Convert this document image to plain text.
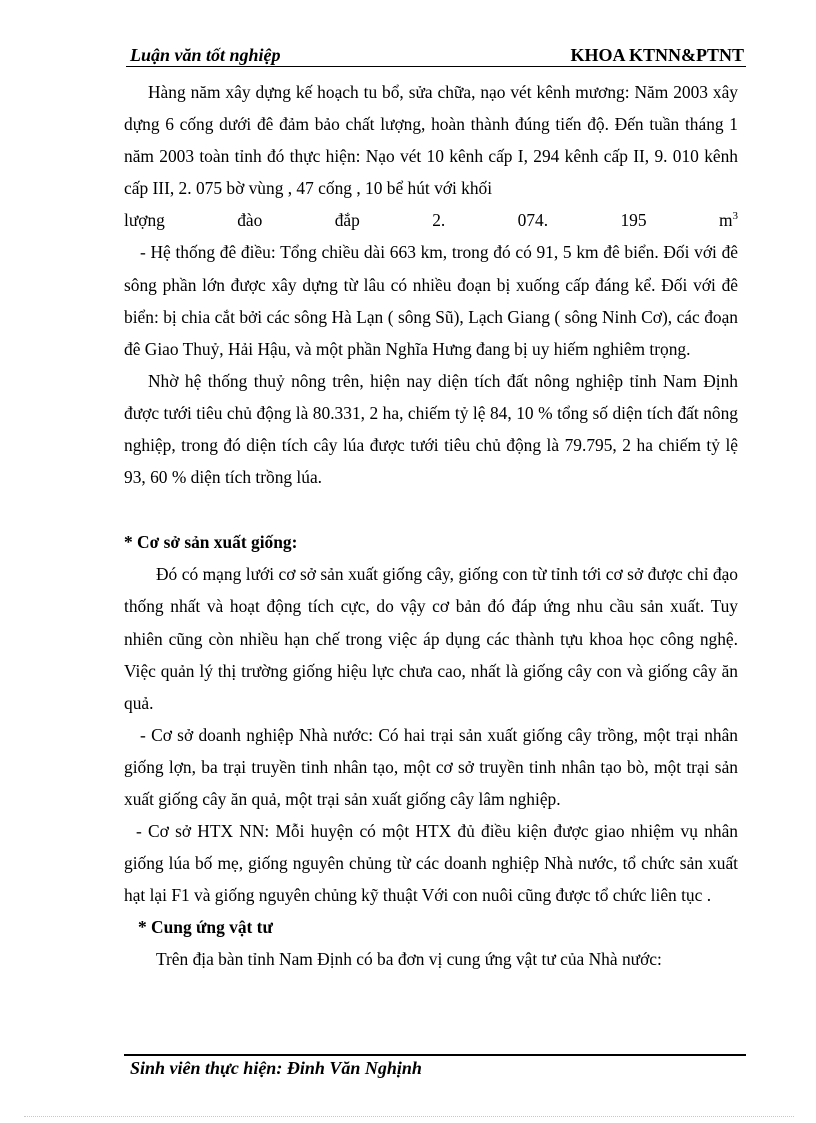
Luận văn tốt nghiệp	KHOA KTNN&PTNT

Hàng năm xây dựng kế hoạch tu bổ, sửa chữa, nạo vét kênh mương: Năm 2003 xây dựng 6 cống dưới đê đảm bảo chất lượng, hoàn thành đúng tiến độ. Đến tuần tháng 1 năm 2003 toàn tỉnh đó thực hiện: Nạo vét 10 kênh cấp I, 294 kênh cấp II, 9. 010 kênh cấp III, 2. 075 bờ vùng , 47 cống , 10 bể hút với khối

lượng	đào	đắp	2.	074.	195	$m^3$

- Hệ thống đê điều: Tổng chiều dài 663 km, trong đó có 91, 5 km đê biển. Đối với đê sông phần lớn được xây dựng từ lâu có nhiều đoạn bị xuống cấp đáng kể. Đối với đê biển: bị chia cắt bởi các sông Hà Lạn ( sông Sũ), Lạch Giang ( sông Ninh Cơ), các đoạn đê Giao Thuỷ, Hải Hậu, và một phần Nghĩa Hưng đang bị uy hiếm nghiêm trọng.

Nhờ hệ thống thuỷ nông trên, hiện nay diện tích đất nông nghiệp tỉnh Nam Định được tưới tiêu chủ động là 80.331, 2 ha, chiếm tỷ lệ 84, 10 % tổng số diện tích đất nông nghiệp, trong đó diện tích cây lúa được tưới tiêu chủ động là 79.795, 2 ha chiếm tỷ lệ 93, 60 % diện tích trồng lúa.

* Cơ sở sản xuất giống:

Đó có mạng lưới cơ sở sản xuất giống cây, giống con từ tỉnh tới cơ sở được chỉ đạo thống nhất và hoạt động tích cực, do vậy cơ bản đó đáp ứng nhu cầu sản xuất. Tuy nhiên cũng còn nhiều hạn chế trong việc áp dụng các thành tựu khoa học công nghệ. Việc quản lý thị trường giống hiệu lực chưa cao, nhất là giống cây con và giống cây ăn quả.

- Cơ sở doanh nghiệp Nhà nước: Có hai trại sản xuất giống cây trồng, một trại nhân giống lợn, ba trại truyền tinh nhân tạo, một cơ sở truyền tinh nhân tạo bò, một trại sản xuất giống cây ăn quả, một trại sản xuất giống cây lâm nghiệp.

- Cơ sở HTX NN: Mỗi huyện có một HTX đủ điều kiện được giao nhiệm vụ nhân giống lúa bố mẹ, giống nguyên chủng từ các doanh nghiệp Nhà nước, tổ chức sản xuất hạt lại F1 và giống nguyên chủng kỹ thuật Với con nuôi cũng được tổ chức liên tục .

* Cung ứng vật tư

Trên địa bàn tỉnh Nam Định có ba đơn vị cung ứng vật tư của Nhà nước:

Sinh viên thực hiện: Đinh Văn Nghịnh
